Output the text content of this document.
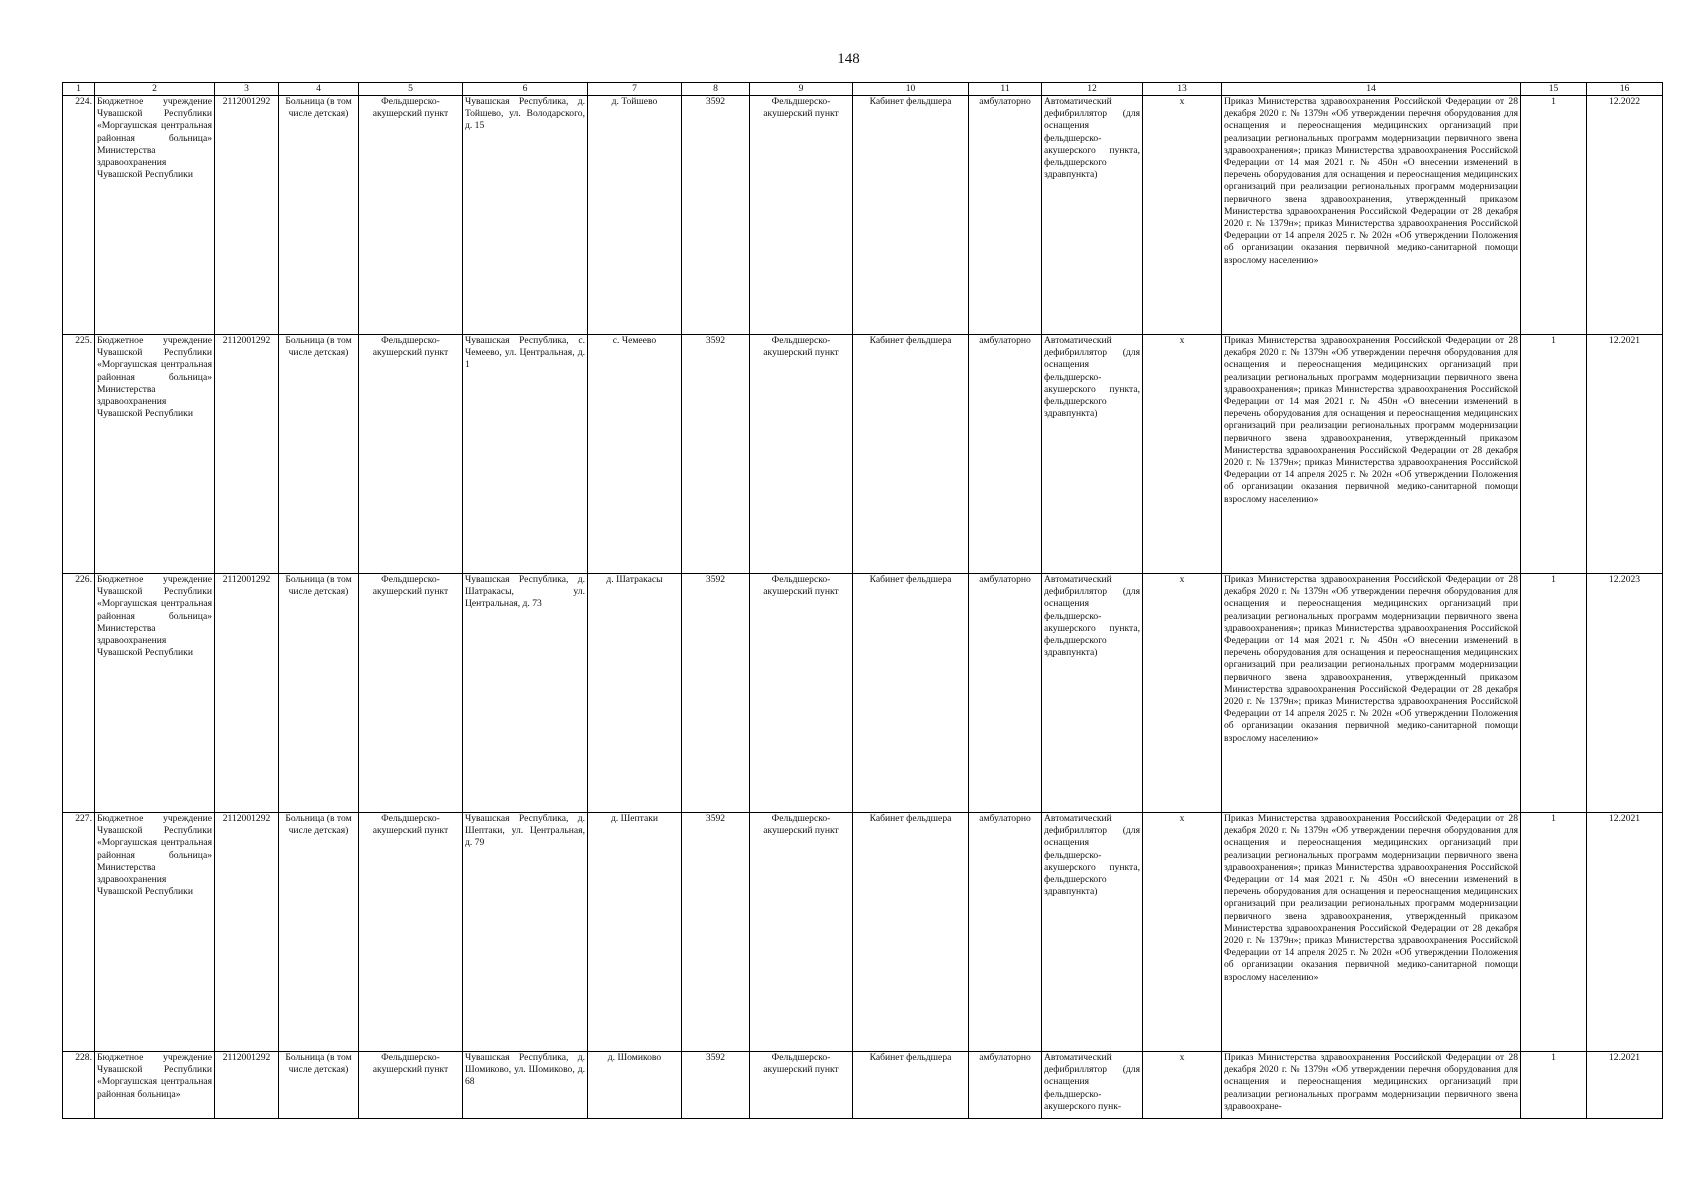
148
1	2	3	4	5	6	7	8	9	10	11	12	13	14	15	16
224.	Бюджетное учреждение Чувашской Республики «Моргаушская центральная районная больница» Министерства здравоохранения Чувашской Республики	2112001292	Больница (в том числе детская)	Фельдшерско-акушерский пункт	Чувашская Республика, д. Тойшево, ул. Володарского, д. 15	д. Тойшево	3592	Фельдшерско-акушерский пункт	Кабинет фельдшера	амбулаторно	Автоматический дефибриллятор (для оснащения фельдшерско-акушерского пункта, фельдшерского здравпункта)	x	Приказ Министерства здравоохранения Российской Федерации от 28 декабря 2020 г. № 1379н «Об утверждении перечня оборудования для оснащения и переоснащения медицинских организаций при реализации региональных программ модернизации первичного звена здравоохранения»; приказ Министерства здравоохранения Российской Федерации от 14 мая 2021 г. № 450н «О внесении изменений в перечень оборудования для оснащения и переоснащения медицинских организаций при реализации региональных программ модернизации первичного звена здравоохранения, утвержденный приказом Министерства здравоохранения Российской Федерации от 28 декабря 2020 г. № 1379н»; приказ Министерства здравоохранения Российской Федерации от 14 апреля 2025 г. № 202н «Об утверждении Положения об организации оказания первичной медико-санитарной помощи взрослому населению»	1	12.2022
225.	Бюджетное учреждение Чувашской Республики «Моргаушская центральная районная больница» Министерства здравоохранения Чувашской Республики	2112001292	Больница (в том числе детская)	Фельдшерско-акушерский пункт	Чувашская Республика, с. Чемеево, ул. Центральная, д. 1	с. Чемеево	3592	Фельдшерско-акушерский пункт	Кабинет фельдшера	амбулаторно	Автоматический дефибриллятор (для оснащения фельдшерско-акушерского пункта, фельдшерского здравпункта)	x	Приказ Министерства здравоохранения Российской Федерации от 28 декабря 2020 г. № 1379н «Об утверждении перечня оборудования для оснащения и переоснащения медицинских организаций при реализации региональных программ модернизации первичного звена здравоохранения»; приказ Министерства здравоохранения Российской Федерации от 14 мая 2021 г. № 450н «О внесении изменений в перечень оборудования для оснащения и переоснащения медицинских организаций при реализации региональных программ модернизации первичного звена здравоохранения, утвержденный приказом Министерства здравоохранения Российской Федерации от 28 декабря 2020 г. № 1379н»; приказ Министерства здравоохранения Российской Федерации от 14 апреля 2025 г. № 202н «Об утверждении Положения об организации оказания первичной медико-санитарной помощи взрослому населению»	1	12.2021
226.	Бюджетное учреждение Чувашской Республики «Моргаушская центральная районная больница» Министерства здравоохранения Чувашской Республики	2112001292	Больница (в том числе детская)	Фельдшерско-акушерский пункт	Чувашская Республика, д. Шатракасы, ул. Центральная, д. 73	д. Шатракасы	3592	Фельдшерско-акушерский пункт	Кабинет фельдшера	амбулаторно	Автоматический дефибриллятор (для оснащения фельдшерско-акушерского пункта, фельдшерского здравпункта)	x	Приказ Министерства здравоохранения Российской Федерации от 28 декабря 2020 г. № 1379н «Об утверждении перечня оборудования для оснащения и переоснащения медицинских организаций при реализации региональных программ модернизации первичного звена здравоохранения»; приказ Министерства здравоохранения Российской Федерации от 14 мая 2021 г. № 450н «О внесении изменений в перечень оборудования для оснащения и переоснащения медицинских организаций при реализации региональных программ модернизации первичного звена здравоохранения, утвержденный приказом Министерства здравоохранения Российской Федерации от 28 декабря 2020 г. № 1379н»; приказ Министерства здравоохранения Российской Федерации от 14 апреля 2025 г. № 202н «Об утверждении Положения об организации оказания первичной медико-санитарной помощи взрослому населению»	1	12.2023
227.	Бюджетное учреждение Чувашской Республики «Моргаушская центральная районная больница» Министерства здравоохранения Чувашской Республики	2112001292	Больница (в том числе детская)	Фельдшерско-акушерский пункт	Чувашская Республика, д. Шептаки, ул. Центральная, д. 79	д. Шептаки	3592	Фельдшерско-акушерский пункт	Кабинет фельдшера	амбулаторно	Автоматический дефибриллятор (для оснащения фельдшерско-акушерского пункта, фельдшерского здравпункта)	x	Приказ Министерства здравоохранения Российской Федерации от 28 декабря 2020 г. № 1379н «Об утверждении перечня оборудования для оснащения и переоснащения медицинских организаций при реализации региональных программ модернизации первичного звена здравоохранения»; приказ Министерства здравоохранения Российской Федерации от 14 мая 2021 г. № 450н «О внесении изменений в перечень оборудования для оснащения и переоснащения медицинских организаций при реализации региональных программ модернизации первичного звена здравоохранения, утвержденный приказом Министерства здравоохранения Российской Федерации от 28 декабря 2020 г. № 1379н»; приказ Министерства здравоохранения Российской Федерации от 14 апреля 2025 г. № 202н «Об утверждении Положения об организации оказания первичной медико-санитарной помощи взрослому населению»	1	12.2021
228.	Бюджетное учреждение Чувашской Республики «Моргаушская центральная районная больница»	2112001292	Больница (в том числе детская)	Фельдшерско-акушерский пункт	Чувашская Республика, д. Шомиково, ул. Шомиково, д. 68	д. Шомиково	3592	Фельдшерско-акушерский пункт	Кабинет фельдшера	амбулаторно	Автоматический дефибриллятор (для оснащения фельдшерско-акушерского пунк-	x	Приказ Министерства здравоохранения Российской Федерации от 28 декабря 2020 г. № 1379н «Об утверждении перечня оборудования для оснащения и переоснащения медицинских организаций при реализации региональных программ модернизации первичного звена здравоохране-	1	12.2021
